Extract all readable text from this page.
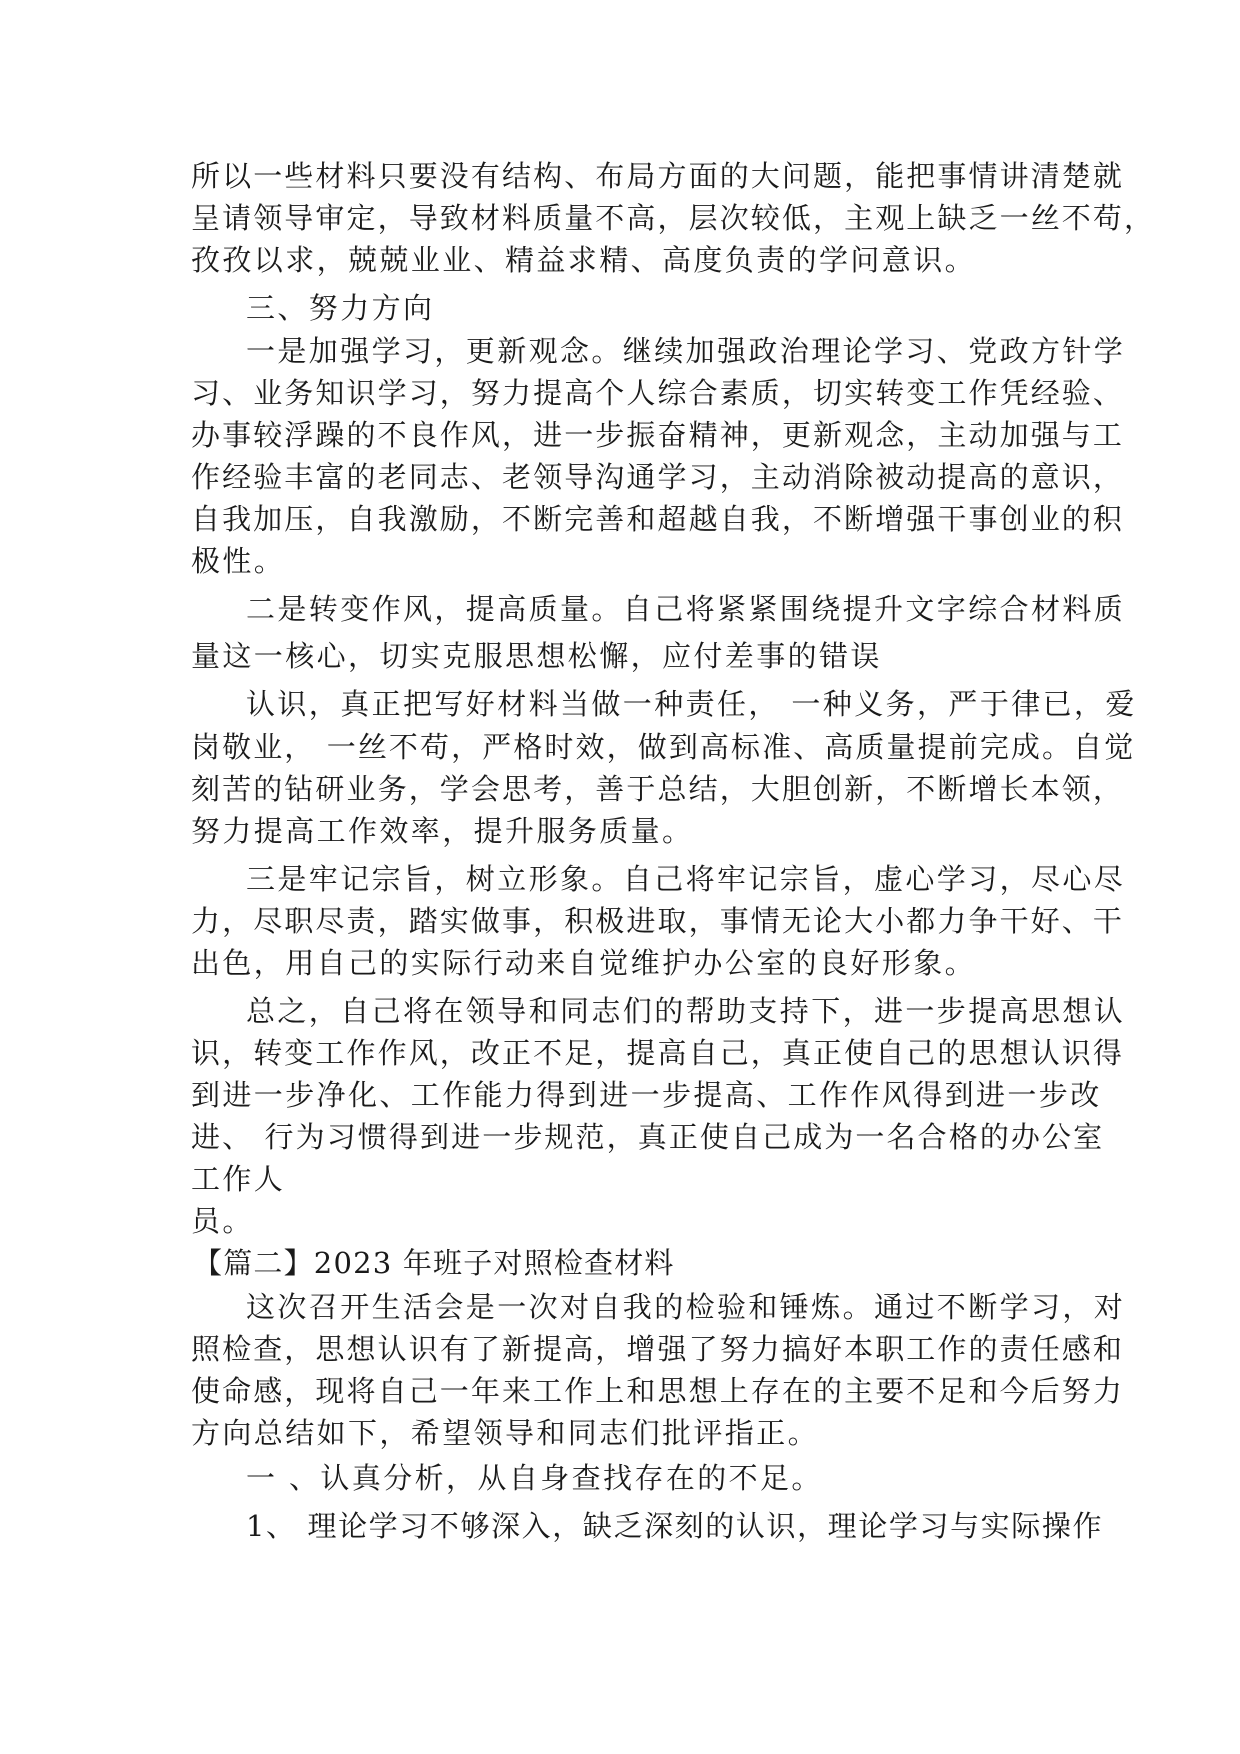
所以一些材料只要没有结构、布局方面的大问题，能把事情讲清楚就

呈请领导审定，导致材料质量不高，层次较低，主观上缺乏一丝不苟，

孜孜以求，兢兢业业、精益求精、高度负责的学问意识。

三、努力方向

一是加强学习，更新观念。继续加强政治理论学习、党政方针学

习、业务知识学习，努力提高个人综合素质，切实转变工作凭经验、

办事较浮躁的不良作风，进一步振奋精神，更新观念，主动加强与工

作经验丰富的老同志、老领导沟通学习，主动消除被动提高的意识，

自我加压，自我激励，不断完善和超越自我，不断增强干事创业的积

极性。

二是转变作风，提高质量。自己将紧紧围绕提升文字综合材料质

量这一核心，切实克服思想松懈，应付差事的错误

认识，真正把写好材料当做一种责任， 一种义务，严于律已，爱

岗敬业， 一丝不苟，严格时效，做到高标准、高质量提前完成。自觉

刻苦的钻研业务，学会思考，善于总结，大胆创新，不断增长本领，

努力提高工作效率，提升服务质量。

三是牢记宗旨，树立形象。自己将牢记宗旨，虚心学习，尽心尽

力，尽职尽责，踏实做事，积极进取，事情无论大小都力争干好、干

出色，用自己的实际行动来自觉维护办公室的良好形象。

总之，自己将在领导和同志们的帮助支持下，进一步提高思想认

识，转变工作作风，改正不足，提高自己，真正使自己的思想认识得

到进一步净化、工作能力得到进一步提高、工作作风得到进一步改

进、 行为习惯得到进一步规范，真正使自己成为一名合格的办公室

工作人

员。

【篇二】2023 年班子对照检查材料

这次召开生活会是一次对自我的检验和锤炼。通过不断学习，对

照检查，思想认识有了新提高，增强了努力搞好本职工作的责任感和

使命感，现将自己一年来工作上和思想上存在的主要不足和今后努力

方向总结如下，希望领导和同志们批评指正。

一 、认真分析，从自身查找存在的不足。

1、 理论学习不够深入，缺乏深刻的认识，理论学习与实际操作
